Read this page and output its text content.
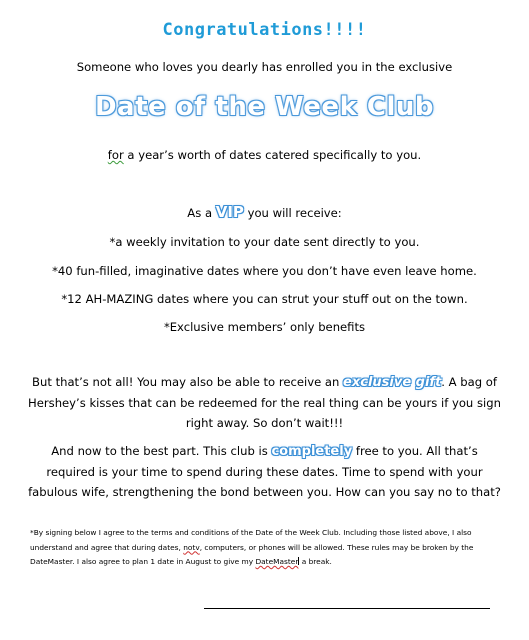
Congratulations!!!!
Someone who loves you dearly has enrolled you in the exclusive
Date of the Week Club
for a year’s worth of dates catered specifically to you.
As a VIP you will receive:
*a weekly invitation to your date sent directly to you.
*40 fun-filled, imaginative dates where you don’t have even leave home.
*12 AH-MAZING dates where you can strut your stuff out on the town.
*Exclusive members’ only benefits
But that’s not all! You may also be able to receive an exclusive gift. A bag of
Hershey’s kisses that can be redeemed for the real thing can be yours if you sign
right away. So don’t wait!!!
And now to the best part. This club is completely free to you. All that’s
required is your time to spend during these dates. Time to spend with your
fabulous wife, strengthening the bond between you. How can you say no to that?
*By signing below I agree to the terms and conditions of the Date of the Week Club. Including those listed above, I also
understand and agree that during dates, notv, computers, or phones will be allowed. These rules may be broken by the
DateMaster. I also agree to plan 1 date in August to give my DateMaster a break.
